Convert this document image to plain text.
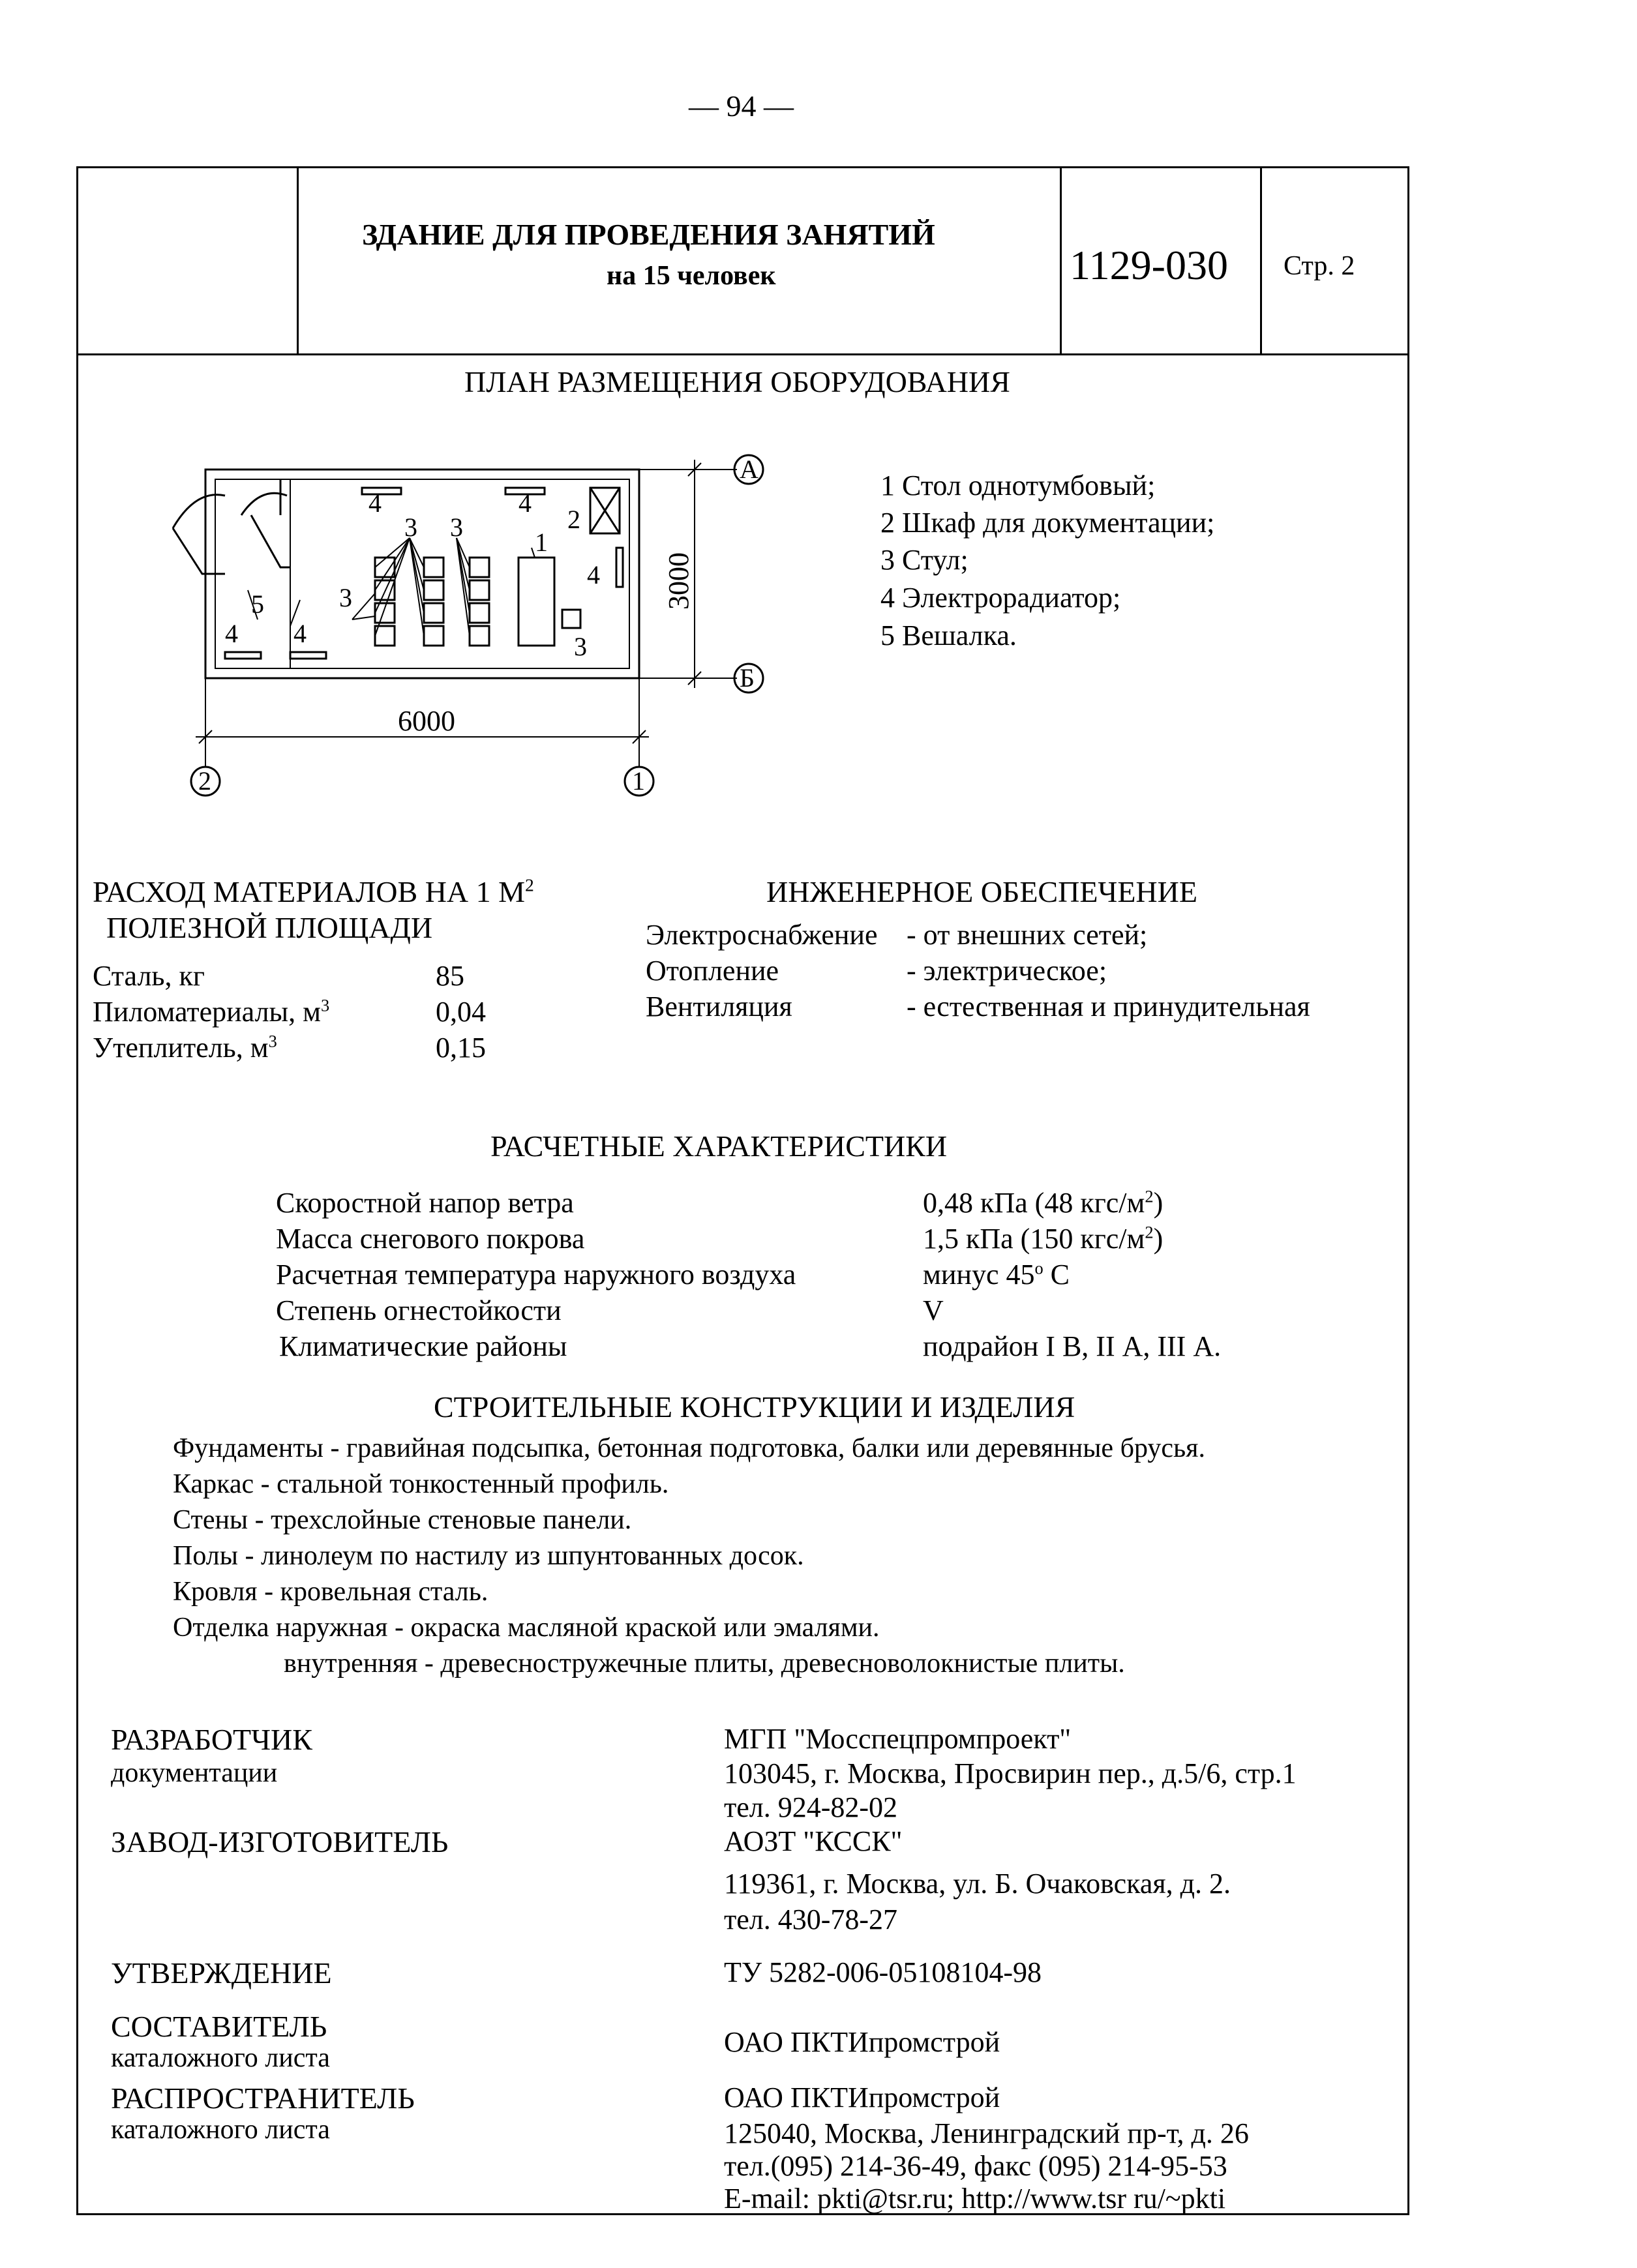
— 94 —
ЗДАНИЕ ДЛЯ ПРОВЕДЕНИЯ ЗАНЯТИЙ
на 15 человек	1129-030 Стр. 2
ПЛАН РАЗМЕЩЕНИЯ ОБОРУДОВАНИЯ
А
Б
2	1
6000
3000
4	4
3 3	2
1
5	3
4 4
4
3
1 Стол однотумбовый;
2 Шкаф для документации;
3 Стул;
4 Электрорадиатор;
5 Вешалка.
РАСХОД МАТЕРИАЛОВ НА 1 $М^2$
ПОЛЕЗНОЙ ПЛОЩАДИ
Сталь, кг	85
Пиломатериалы, $м^3$	0,04
Утеплитель, $м^3$	0,15
ИНЖЕНЕРНОЕ ОБЕСПЕЧЕНИЕ
Электроснабжение - от внешних сетей;
Отопление	- электрическое;
Вентиляция	- естественная и принудительная
РАСЧЕТНЫЕ ХАРАКТЕРИСТИКИ
Скоростной напор ветра	0,48 кПа (48 кгс/$м^2$)
Масса снегового покрова	1,5 кПа (150 кгс/$м^2$)
Расчетная температура наружного воздуха	минус 45$^o$ С
Степень огнестойкости	V
Климатические районы	подрайон I В, II А, III А.
СТРОИТЕЛЬНЫЕ КОНСТРУКЦИИ И ИЗДЕЛИЯ
Фундаменты - гравийная подсыпка, бетонная подготовка, балки или деревянные брусья.
Каркас - стальной тонкостенный профиль.
Стены - трехслойные стеновые панели.
Полы - линолеум по настилу из шпунтованных досок.
Кровля - кровельная сталь.
Отделка наружная - окраска масляной краской или эмалями.
внутренняя - древесностружечные плиты, древесноволокнистые плиты.
РАЗРАБОТЧИК
документации
МГП "Мосспецпромпроект"
103045, г. Москва, Просвирин пер., д.5/6, стр.1
тел. 924-82-02
ЗАВОД-ИЗГОТОВИТЕЛЬ	АОЗТ "КССК"
119361, г. Москва, ул. Б. Очаковская, д. 2.
тел. 430-78-27
УТВЕРЖДЕНИЕ	ТУ 5282-006-05108104-98
СОСТАВИТЕЛЬ
каталожного листа	ОАО ПКТИпромстрой
РАСПРОСТРАНИТЕЛЬ
каталожного листа
ОАО ПКТИпромстрой
125040, Москва, Ленинградский пр-т, д. 26
тел.(095) 214-36-49, факс (095) 214-95-53
E-mail: pkti@tsr.ru; http://www.tsr ru/~pkti
